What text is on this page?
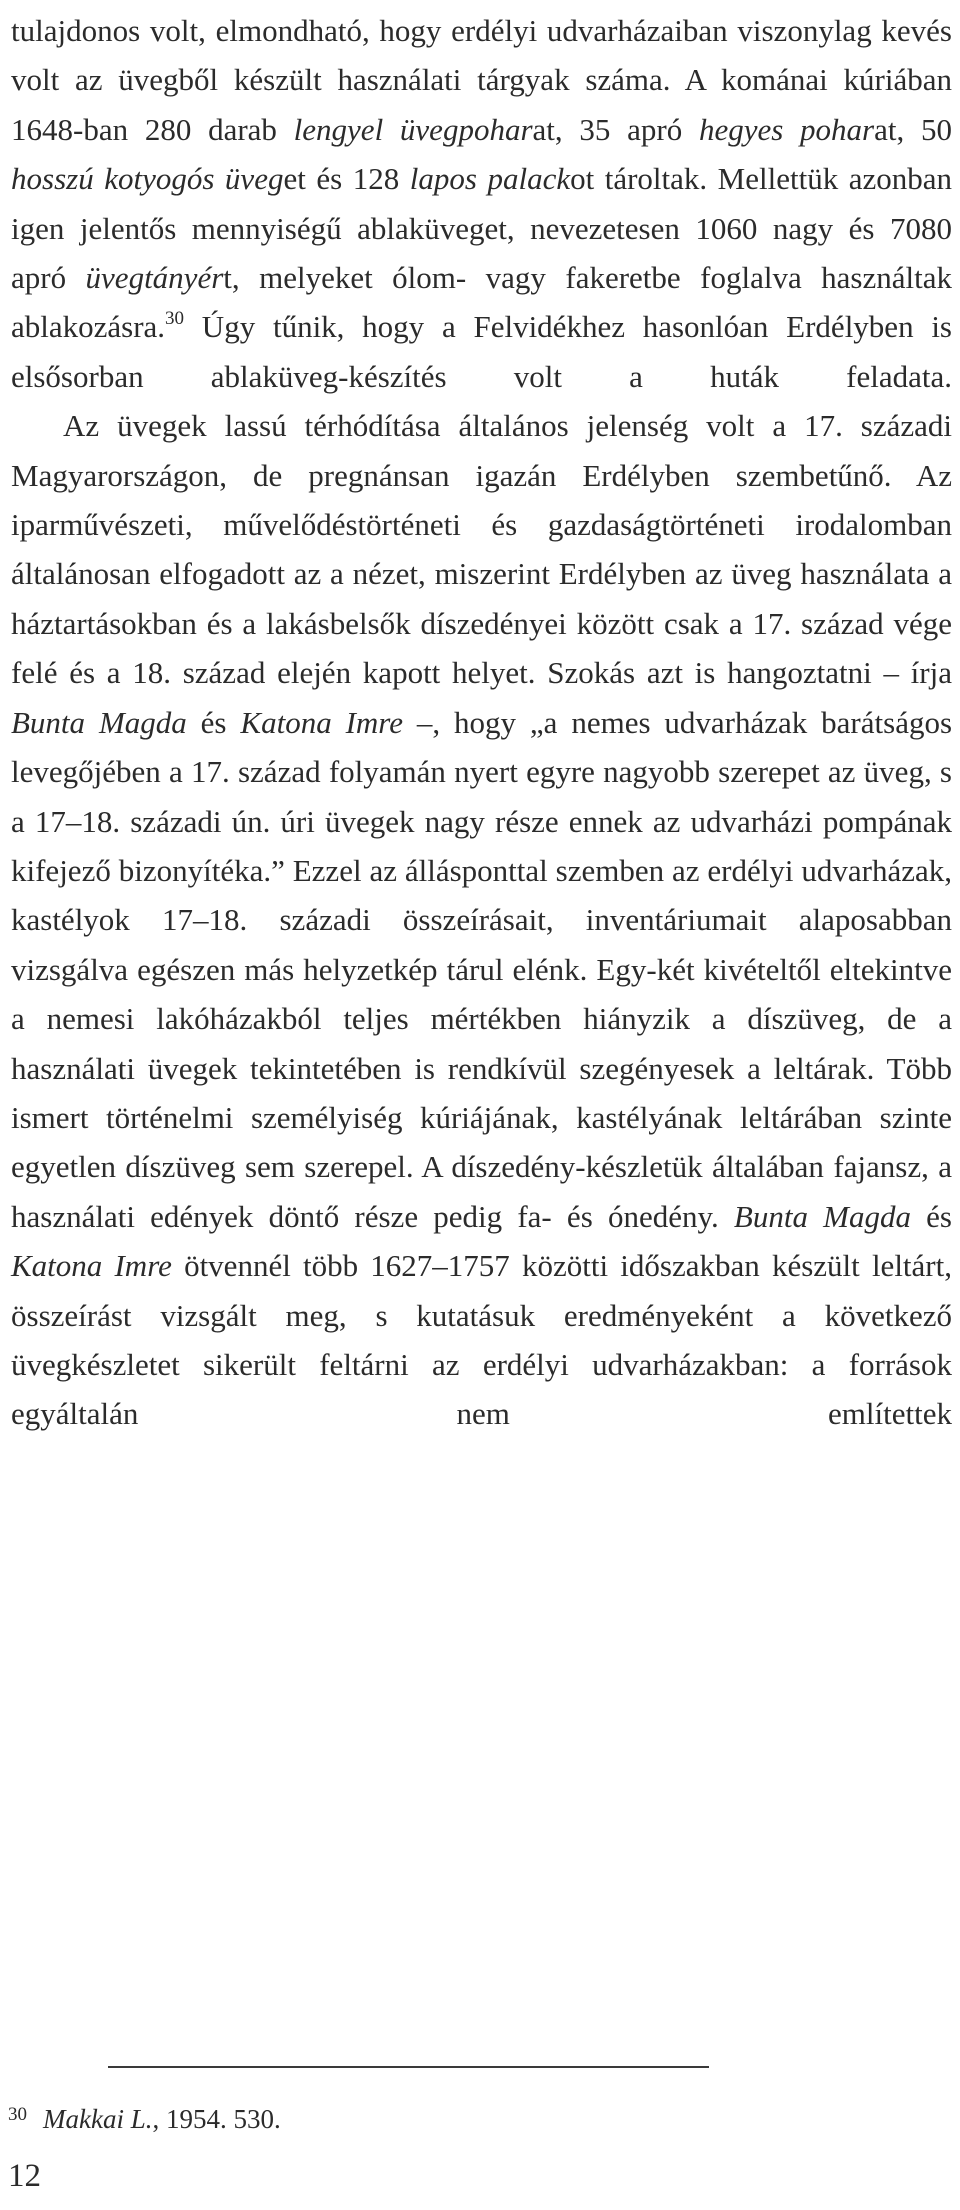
tulajdonos volt, elmondható, hogy erdélyi udvarházaiban viszonylag kevés volt az üvegből készült használati tárgyak száma. A kománai kúriában 1648-ban 280 darab lengyel üvegpoharat, 35 apró hegyes poharat, 50 hosszú kotyogós üveget és 128 lapos palackot tároltak. Mellettük azonban igen jelentős mennyiségű ablaküveget, nevezetesen 1060 nagy és 7080 apró üvegtányért, melyeket ólom- vagy fakeretbe foglalva használtak ablakozásra.$^{30}$ Úgy tűnik, hogy a Felvidékhez hasonlóan Erdélyben is elsősorban ablaküveg-készítés volt a huták feladata.

Az üvegek lassú térhódítása általános jelenség volt a 17. századi Magyarországon, de pregnánsan igazán Erdélyben szembetűnő. Az iparművészeti, művelődéstörténeti és gazdaságtörténeti irodalomban általánosan elfogadott az a nézet, miszerint Erdélyben az üveg használata a háztartásokban és a lakásbelsők díszedényei között csak a 17. század vége felé és a 18. század elején kapott helyet. Szokás azt is hangoztatni – írja Bunta Magda és Katona Imre –, hogy „a nemes udvarházak barátságos levegőjében a 17. század folyamán nyert egyre nagyobb szerepet az üveg, s a 17–18. századi ún. úri üvegek nagy része ennek az udvarházi pompának kifejező bizonyítéka.” Ezzel az állásponttal szemben az erdélyi udvarházak, kastélyok 17–18. századi összeírásait, inventáriumait alaposabban vizsgálva egészen más helyzetkép tárul elénk. Egy-két kivételtől eltekintve a nemesi lakóházakból teljes mértékben hiányzik a díszüveg, de a használati üvegek tekintetében is rendkívül szegényesek a leltárak. Több ismert történelmi személyiség kúriájának, kastélyának leltárában szinte egyetlen díszüveg sem szerepel. A díszedény-készletük általában fajansz, a használati edények döntő része pedig fa- és ónedény. Bunta Magda és Katona Imre ötvennél több 1627–1757 közötti időszakban készült leltárt, összeírást vizsgált meg, s kutatásuk eredményeként a következő üvegkészletet sikerült feltárni az erdélyi udvarházakban: a források egyáltalán nem említettek

$^{30}$ Makkai L., 1954. 530.
12
